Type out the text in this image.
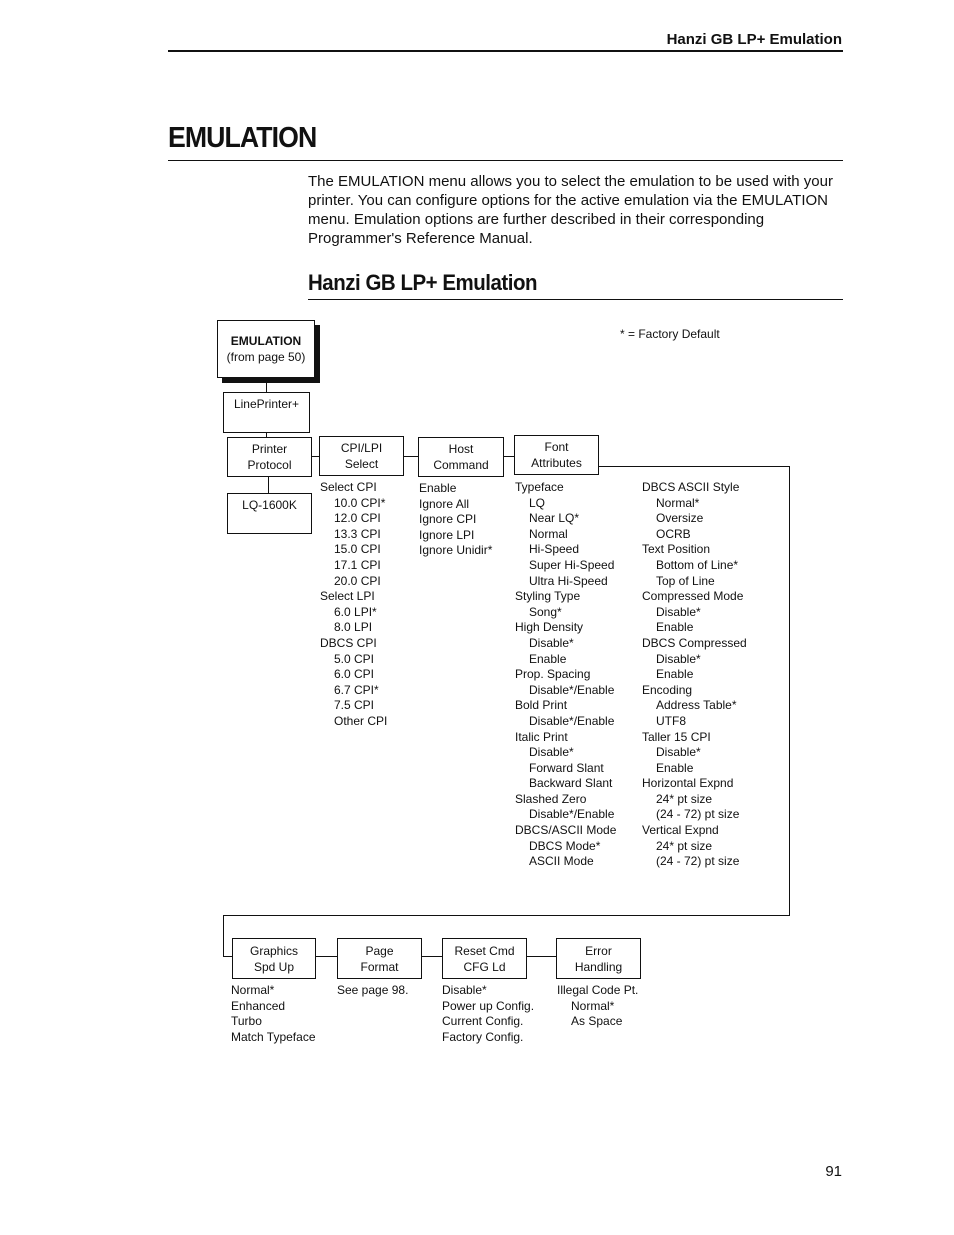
Hanzi GB LP+ Emulation
EMULATION
The EMULATION menu allows you to select the emulation to be used with your printer. You can configure options for the active emulation via the EMULATION menu. Emulation options are further described in their corresponding Programmer's Reference Manual.
Hanzi GB LP+ Emulation
* = Factory Default
EMULATION
(from page 50)
LinePrinter+
Printer
Protocol
LQ-1600K
CPI/LPI
Select
Host
Command
Font
Attributes
Graphics
Spd Up
Page
Format
Reset Cmd
CFG Ld
Error
Handling
Select CPI
10.0 CPI*
12.0 CPI
13.3 CPI
15.0 CPI
17.1 CPI
20.0 CPI
Select LPI
6.0 LPI*
8.0 LPI
DBCS CPI
5.0 CPI
6.0 CPI
6.7 CPI*
7.5 CPI
Other CPI
Enable
Ignore All
Ignore CPI
Ignore LPI
Ignore Unidir*
Typeface
LQ
Near LQ*
Normal
Hi-Speed
Super Hi-Speed
Ultra Hi-Speed
Styling Type
Song*
High Density
Disable*
Enable
Prop. Spacing
Disable*/Enable
Bold Print
Disable*/Enable
Italic Print
Disable*
Forward Slant
Backward Slant
Slashed Zero
Disable*/Enable
DBCS/ASCII Mode
DBCS Mode*
ASCII Mode
DBCS ASCII Style
Normal*
Oversize
OCRB
Text Position
Bottom of Line*
Top of Line
Compressed Mode
Disable*
Enable
DBCS Compressed
Disable*
Enable
Encoding
Address Table*
UTF8
Taller 15 CPI
Disable*
Enable
Horizontal Expnd
24* pt size
(24 - 72) pt size
Vertical Expnd
24* pt size
(24 - 72) pt size
Normal*
Enhanced
Turbo
Match Typeface
See page 98.	Disable*
Power up Config.
Current Config.
Factory Config.
Illegal Code Pt.
Normal*
As Space
91
